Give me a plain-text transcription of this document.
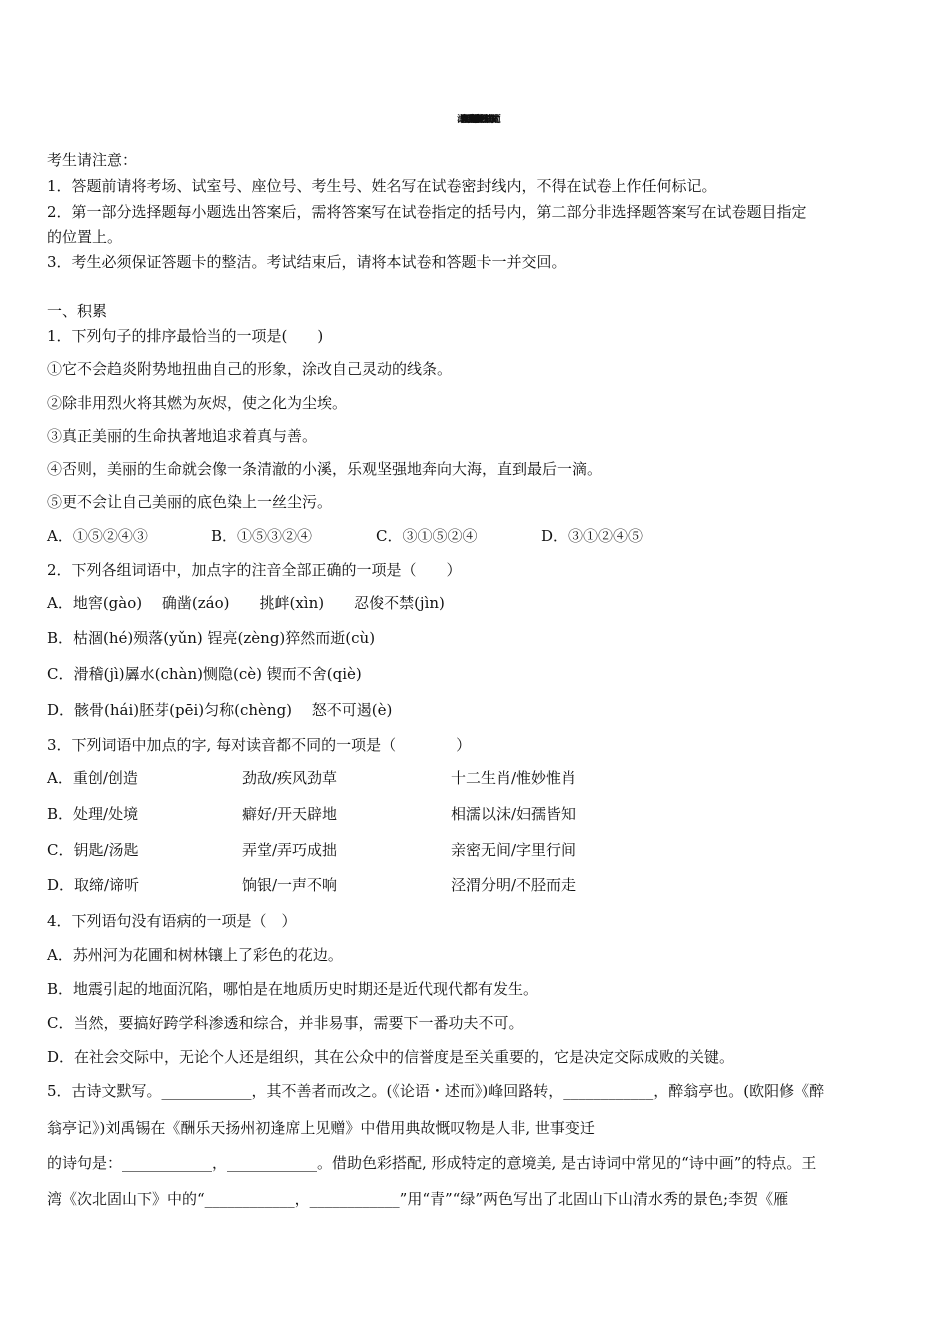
湖北省襄阳市四中学义教部重点中学2026年初三二轮复习研四性考试（四）语文试题
考生请注意：
1．答题前请将考场、试室号、座位号、考生号、姓名写在试卷密封线内，不得在试卷上作任何标记。
2．第一部分选择题每小题选出答案后，需将答案写在试卷指定的括号内，第二部分非选择题答案写在试卷题目指定
的位置上。
3．考生必须保证答题卡的整洁。考试结束后，请将本试卷和答题卡一并交回。
一、积累
1．下列句子的排序最恰当的一项是(　　)
①它不会趋炎附势地扭曲自己的形象，涂改自己灵动的线条。
②除非用烈火将其燃为灰烬，使之化为尘埃。
③真正美丽的生命执著地追求着真与善。
④否则，美丽的生命就会像一条清澈的小溪，乐观坚强地奔向大海，直到最后一滴。
⑤更不会让自己美丽的底色染上一丝尘污。
A．①⑤②④③	B．①⑤③②④	C．③①⑤②④	D．③①②④⑤
2．下列各组词语中，加点字的注音全部正确的一项是（　　）
A．地窖(gào)　 确凿(záo)　　挑衅(xìn)　　忍俊不禁(jìn)
B．枯涸(hé)殒落(yǔn) 锃亮(zèng)猝然而逝(cù)
C．滑稽(jì)羼水(chàn)恻隐(cè) 锲而不舍(qiè)
D．骸骨(hái)胚芽(pēi)匀称(chèng)　 怒不可遏(è)
3．下列词语中加点的字, 每对读音都不同的一项是（　　　　）
A．重创/创造	劲敌/疾风劲草	十二生肖/惟妙惟肖
B．处理/处境	癖好/开天辟地	相濡以沫/妇孺皆知
C．钥匙/汤匙	弄堂/弄巧成拙	亲密无间/字里行间
D．取缔/谛听	饷银/一声不响	泾渭分明/不胫而走
4．下列语句没有语病的一项是（　）
A．苏州河为花圃和树林镶上了彩色的花边。
B．地震引起的地面沉陷，哪怕是在地质历史时期还是近代现代都有发生。
C．当然，要搞好跨学科渗透和综合，并非易事，需要下一番功夫不可。
D．在社会交际中，无论个人还是组织，其在公众中的信誉度是至关重要的，它是决定交际成败的关键。
5．古诗文默写。____________，其不善者而改之。(《论语・述而》)峰回路转，____________，醉翁亭也。(欧阳修《醉
翁亭记》)刘禹锡在《酬乐天扬州初逢席上见赠》中借用典故慨叹物是人非, 世事变迁
的诗句是：____________，____________。借助色彩搭配, 形成特定的意境美, 是古诗词中常见的“诗中画”的特点。王
湾《次北固山下》中的“____________，____________”用“青”“绿”两色写出了北固山下山清水秀的景色;李贺《雁
